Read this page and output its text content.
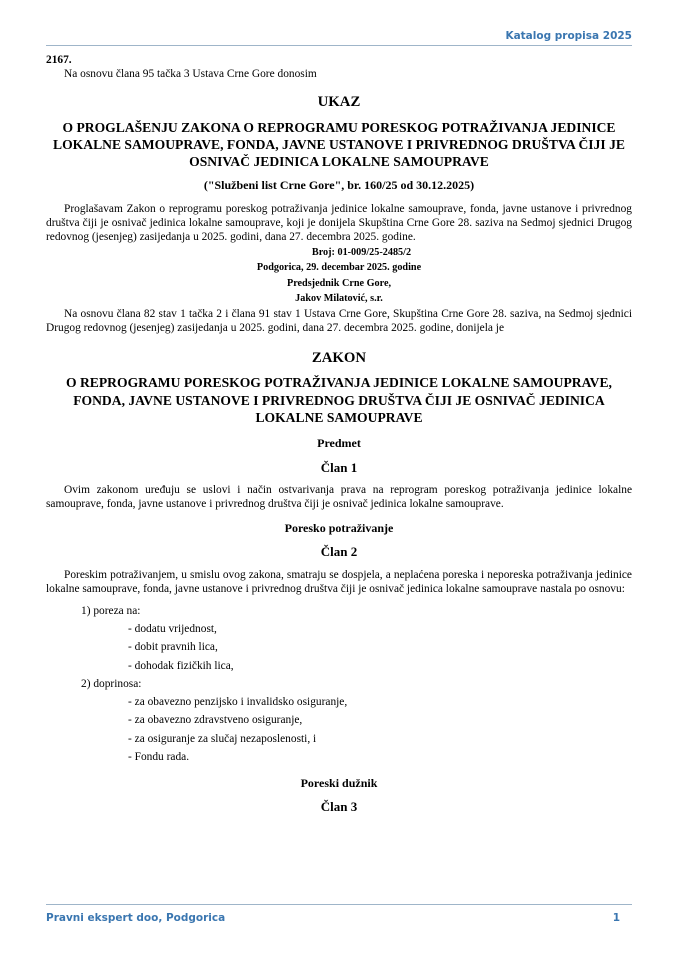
Katalog propisa 2025

2167.

Na osnovu člana 95 tačka 3 Ustava Crne Gore donosim

UKAZ
O PROGLAŠENJU ZAKONA O REPROGRAMU PORESKOG POTRAŽIVANJA JEDINICE LOKALNE SAMOUPRAVE, FONDA, JAVNE USTANOVE I PRIVREDNOG DRUŠTVA ČIJI JE OSNIVAČ JEDINICA LOKALNE SAMOUPRAVE
("Službeni list Crne Gore", br. 160/25 od 30.12.2025)

Proglašavam Zakon o reprogramu poreskog potraživanja jedinice lokalne samouprave, fonda, javne ustanove i privrednog društva čiji je osnivač jedinica lokalne samouprave, koji je donijela Skupština Crne Gore 28. saziva na Sedmoj sjednici Drugog redovnog (jesenjeg) zasijedanja u 2025. godini, dana 27. decembra 2025. godine.

Broj: 01-009/25-2485/2
Podgorica, 29. decembar 2025. godine
Predsjednik Crne Gore,
Jakov Milatović, s.r.

Na osnovu člana 82 stav 1 tačka 2 i člana 91 stav 1 Ustava Crne Gore, Skupština Crne Gore 28. saziva, na Sedmoj sjednici Drugog redovnog (jesenjeg) zasijedanja u 2025. godini, dana 27. decembra 2025. godine, donijela je

ZAKON
O REPROGRAMU PORESKOG POTRAŽIVANJA JEDINICE LOKALNE SAMOUPRAVE, FONDA, JAVNE USTANOVE I PRIVREDNOG DRUŠTVA ČIJI JE OSNIVAČ JEDINICA LOKALNE SAMOUPRAVE
Predmet
Član 1

Ovim zakonom uređuju se uslovi i način ostvarivanja prava na reprogram poreskog potraživanja jedinice lokalne samouprave, fonda, javne ustanove i privrednog društva čiji je osnivač jedinica lokalne samouprave.

Poresko potraživanje
Član 2

Poreskim potraživanjem, u smislu ovog zakona, smatraju se dospjela, a neplaćena poreska i neporeska potraživanja jedinice lokalne samouprave, fonda, javne ustanove i privrednog društva čiji je osnivač jedinica lokalne samouprave nastala po osnovu:

1) poreza na:
- dodatu vrijednost,
- dobit pravnih lica,
- dohodak fizičkih lica,
2) doprinosa:
- za obavezno penzijsko i invalidsko osiguranje,
- za obavezno zdravstveno osiguranje,
- za osiguranje za slučaj nezaposlenosti, i
- Fondu rada.
Poreski dužnik
Član 3
Pravni ekspert doo, Podgorica	1
